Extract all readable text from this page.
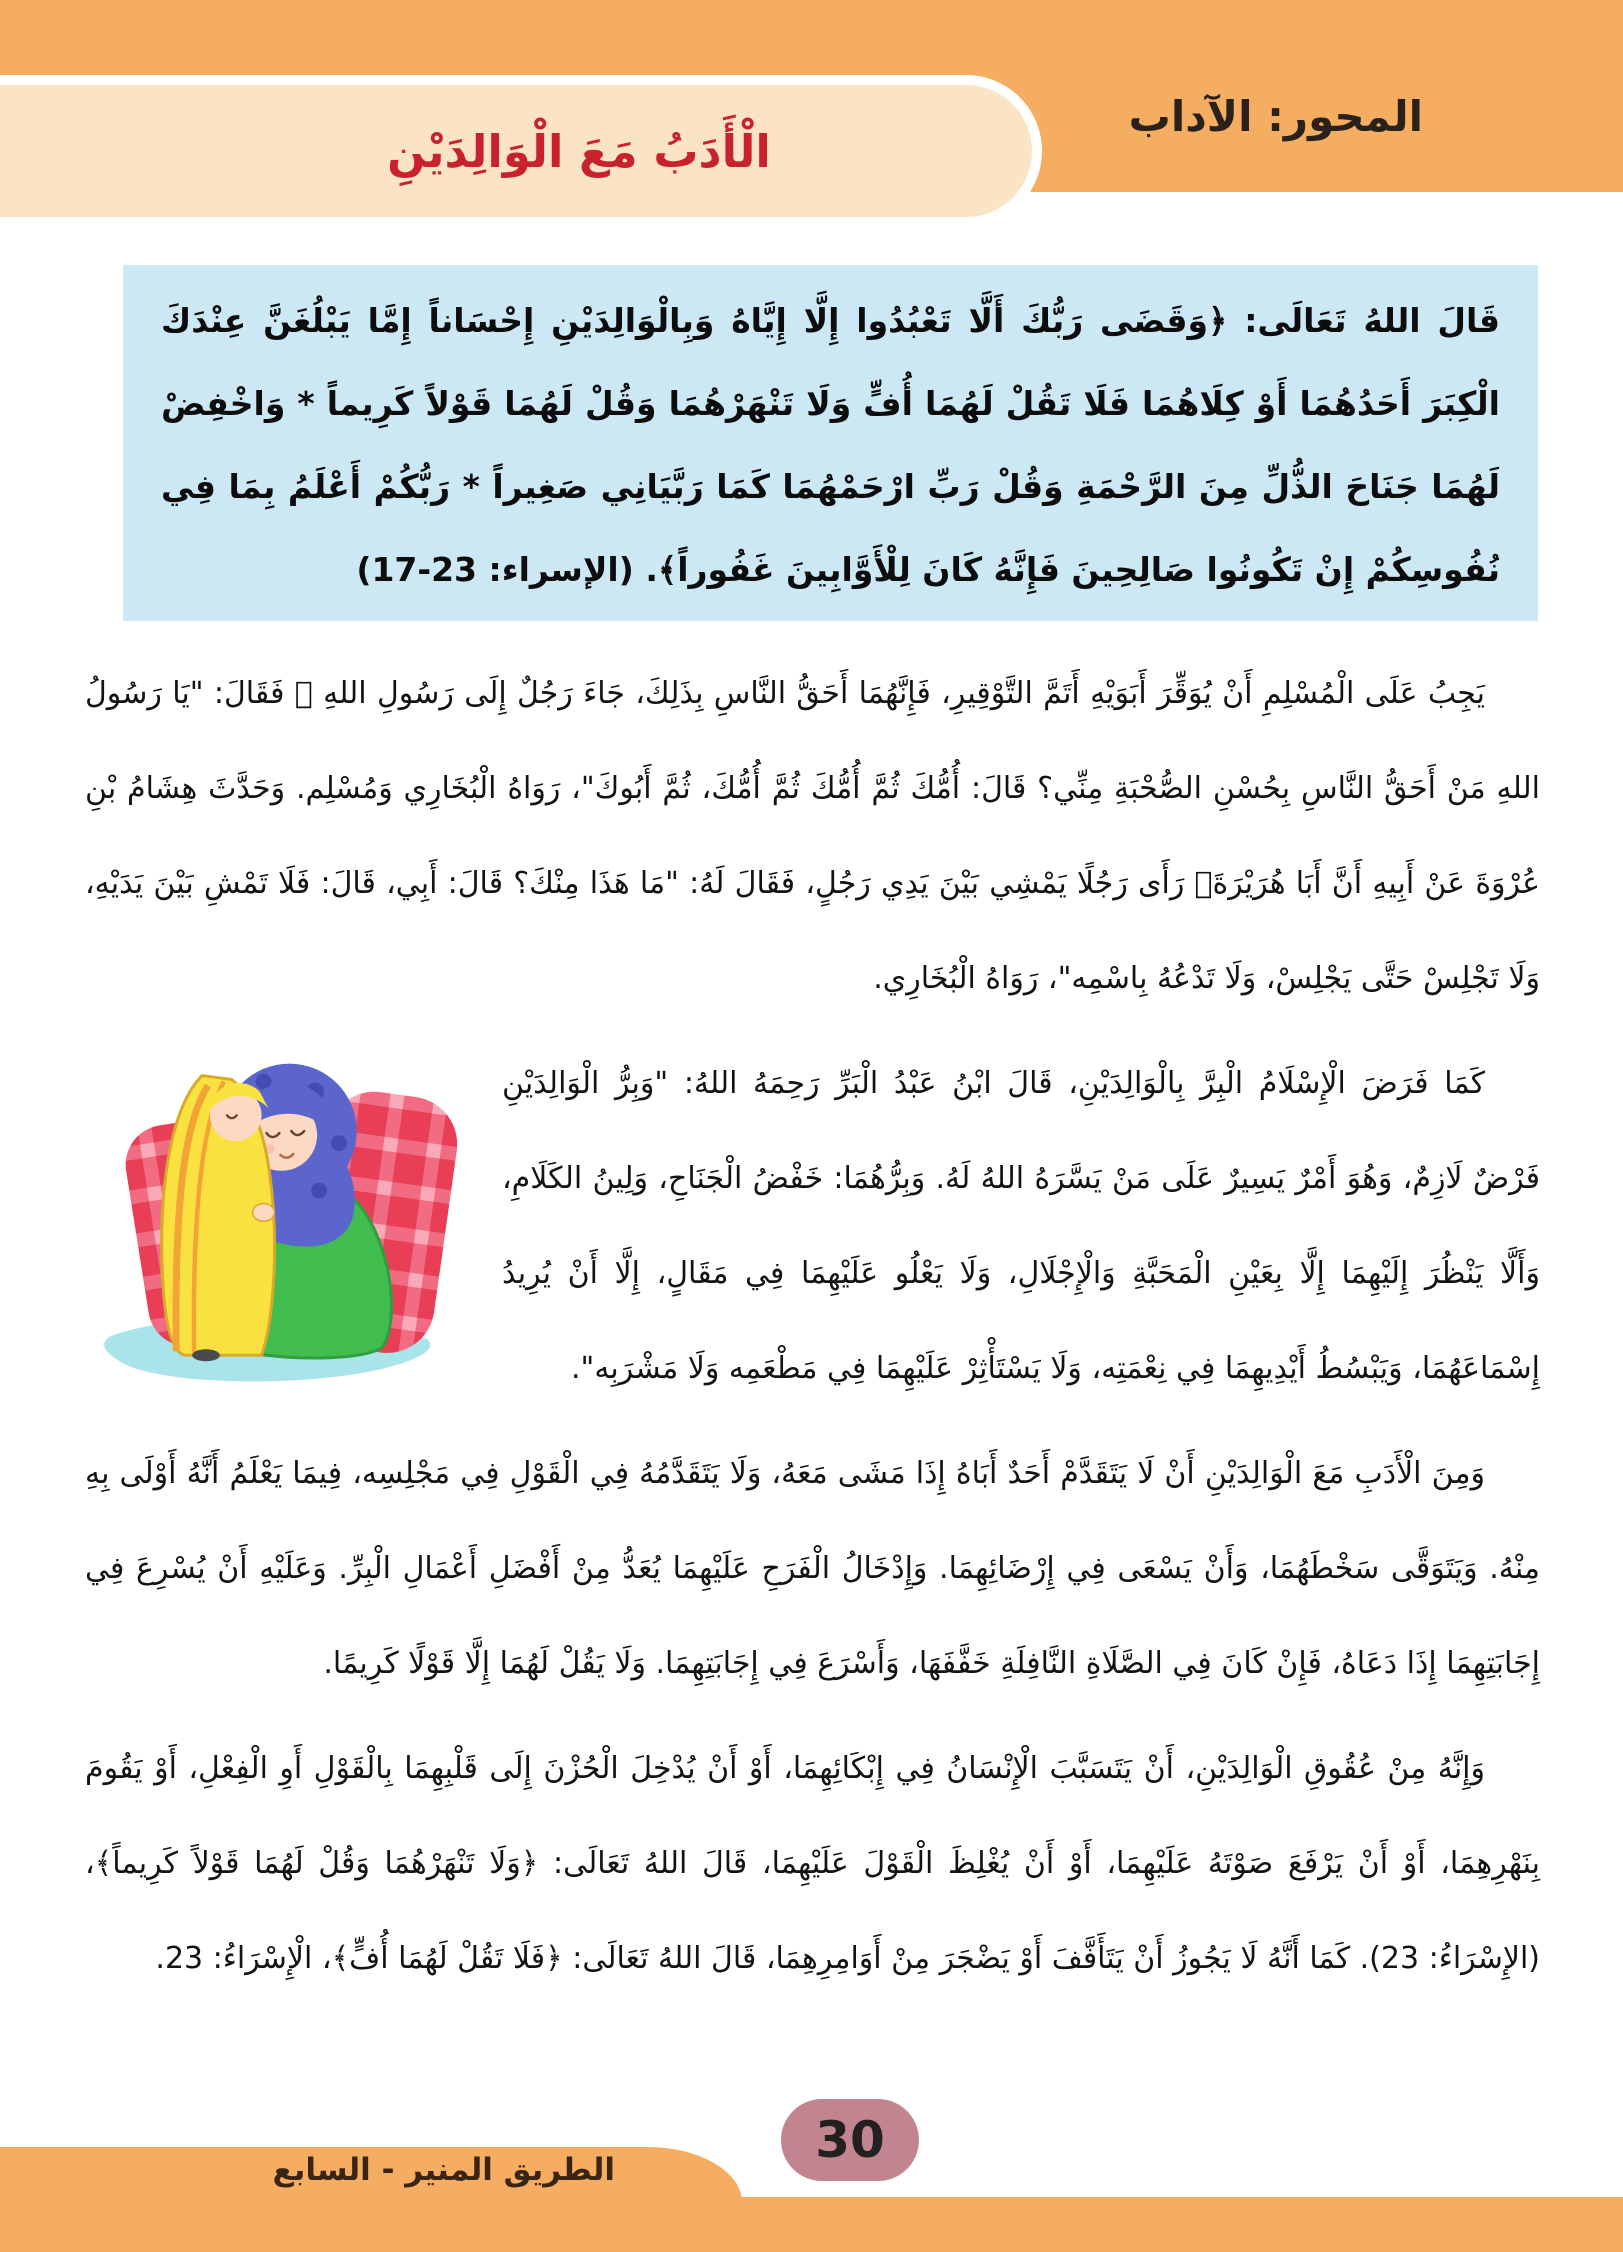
المحور: الآداب
الْأَدَبُ مَعَ الْوَالِدَيْنِ

قَالَ اللهُ تَعَالَى: ﴿وَقَضَى رَبُّكَ أَلَّا تَعْبُدُوا إِلَّا إِيَّاهُ وَبِالْوَالِدَيْنِ إِحْسَاناً إِمَّا يَبْلُغَنَّ عِنْدَكَ الْكِبَرَ أَحَدُهُمَا أَوْ كِلَاهُمَا فَلَا تَقُلْ لَهُمَا أُفٍّ وَلَا تَنْهَرْهُمَا وَقُلْ لَهُمَا قَوْلاً كَرِيماً * وَاخْفِضْ لَهُمَا جَنَاحَ الذُّلِّ مِنَ الرَّحْمَةِ وَقُلْ رَبِّ ارْحَمْهُمَا كَمَا رَبَّيَانِي صَغِيراً * رَبُّكُمْ أَعْلَمُ بِمَا فِي نُفُوسِكُمْ إِنْ تَكُونُوا صَالِحِينَ فَإِنَّهُ كَانَ لِلْأَوَّابِينَ غَفُوراً﴾. (الإسراء: 23-17)

يَجِبُ عَلَى الْمُسْلِمِ أَنْ يُوَقِّرَ أَبَوَيْهِ أَتَمَّ التَّوْقِيرِ، فَإِنَّهُمَا أَحَقُّ النَّاسِ بِذَلِكَ، جَاءَ رَجُلٌ إِلَى رَسُولِ اللهِ ﷺ فَقَالَ: "يَا رَسُولُ اللهِ مَنْ أَحَقُّ النَّاسِ بِحُسْنِ الصُّحْبَةِ مِنِّي؟ قَالَ: أُمُّكَ ثُمَّ أُمُّكَ ثُمَّ أُمُّكَ، ثُمَّ أَبُوكَ"، رَوَاهُ الْبُخَارِي وَمُسْلِم. وَحَدَّثَ هِشَامُ بْنِ عُرْوَةَ عَنْ أَبِيهِ أَنَّ أَبَا هُرَيْرَةَؓ رَأَى رَجُلًا يَمْشِي بَيْنَ يَدِي رَجُلٍ، فَقَالَ لَهُ: "مَا هَذَا مِنْكَ؟ قَالَ: أَبِي، قَالَ: فَلَا تَمْشِ بَيْنَ يَدَيْهِ، وَلَا تَجْلِسْ حَتَّى يَجْلِسْ، وَلَا تَدْعُهُ بِاسْمِه"، رَوَاهُ الْبُخَارِي.

كَمَا فَرَضَ الْإِسْلَامُ الْبِرَّ بِالْوَالِدَيْنِ، قَالَ ابْنُ عَبْدُ الْبَرِّ رَحِمَهُ اللهُ: "وَبِرُّ الْوَالِدَيْنِ فَرْضٌ لَازِمٌ، وَهُوَ أَمْرٌ يَسِيرٌ عَلَى مَنْ يَسَّرَهُ اللهُ لَهُ. وَبِرُّهُمَا: خَفْضُ الْجَنَاحِ، وَلِينُ الكَلَامِ، وَأَلَّا يَنْظُرَ إِلَيْهِمَا إِلَّا بِعَيْنِ الْمَحَبَّةِ وَالْإِجْلَالِ، وَلَا يَعْلُو عَلَيْهِمَا فِي مَقَالٍ، إِلَّا أَنْ يُرِيدُ إِسْمَاعَهُمَا، وَيَبْسُطُ أَيْدِيهِمَا فِي نِعْمَتِه، وَلَا يَسْتَأْثِرْ عَلَيْهِمَا فِي مَطْعَمِه وَلَا مَشْرَبِه".

وَمِنَ الْأَدَبِ مَعَ الْوَالِدَيْنِ أَنْ لَا يَتَقَدَّمْ أَحَدٌ أَبَاهُ إِذَا مَشَى مَعَهُ، وَلَا يَتَقَدَّمُهُ فِي الْقَوْلِ فِي مَجْلِسِه، فِيمَا يَعْلَمُ أَنَّهُ أَوْلَى بِهِ مِنْهُ. وَيَتَوَقَّى سَخْطَهُمَا، وَأَنْ يَسْعَى فِي إِرْضَائِهِمَا. وَإِدْخَالُ الْفَرَحِ عَلَيْهِمَا يُعَدُّ مِنْ أَفْضَلِ أَعْمَالِ الْبِرِّ. وَعَلَيْهِ أَنْ يُسْرِعَ فِي إِجَابَتِهِمَا إِذَا دَعَاهُ، فَإِنْ كَانَ فِي الصَّلَاةِ النَّافِلَةِ خَفَّفَهَا، وَأَسْرَعَ فِي إِجَابَتِهِمَا. وَلَا يَقُلْ لَهُمَا إِلَّا قَوْلًا كَرِيمًا.

وَإِنَّهُ مِنْ عُقُوقِ الْوَالِدَيْنِ، أَنْ يَتَسَبَّبَ الْإِنْسَانُ فِي إِبْكَائِهِمَا، أَوْ أَنْ يُدْخِلَ الْحُزْنَ إِلَى قَلْبِهِمَا بِالْقَوْلِ أَوِ الْفِعْلِ، أَوْ يَقُومَ بِنَهْرِهِمَا، أَوْ أَنْ يَرْفَعَ صَوْتَهُ عَلَيْهِمَا، أَوْ أَنْ يُغْلِظَ الْقَوْلَ عَلَيْهِمَا، قَالَ اللهُ تَعَالَى: ﴿وَلَا تَنْهَرْهُمَا وَقُلْ لَهُمَا قَوْلاً كَرِيماً﴾، (الإِسْرَاءُ: 23). كَمَا أَنَّهُ لَا يَجُوزُ أَنْ يَتَأَفَّفَ أَوْ يَضْجَرَ مِنْ أَوَامِرِهِمَا، قَالَ اللهُ تَعَالَى: ﴿فَلَا تَقُلْ لَهُمَا أُفٍّ﴾، الْإِسْرَاءُ: 23.

الطريق المنير - السابع
30
